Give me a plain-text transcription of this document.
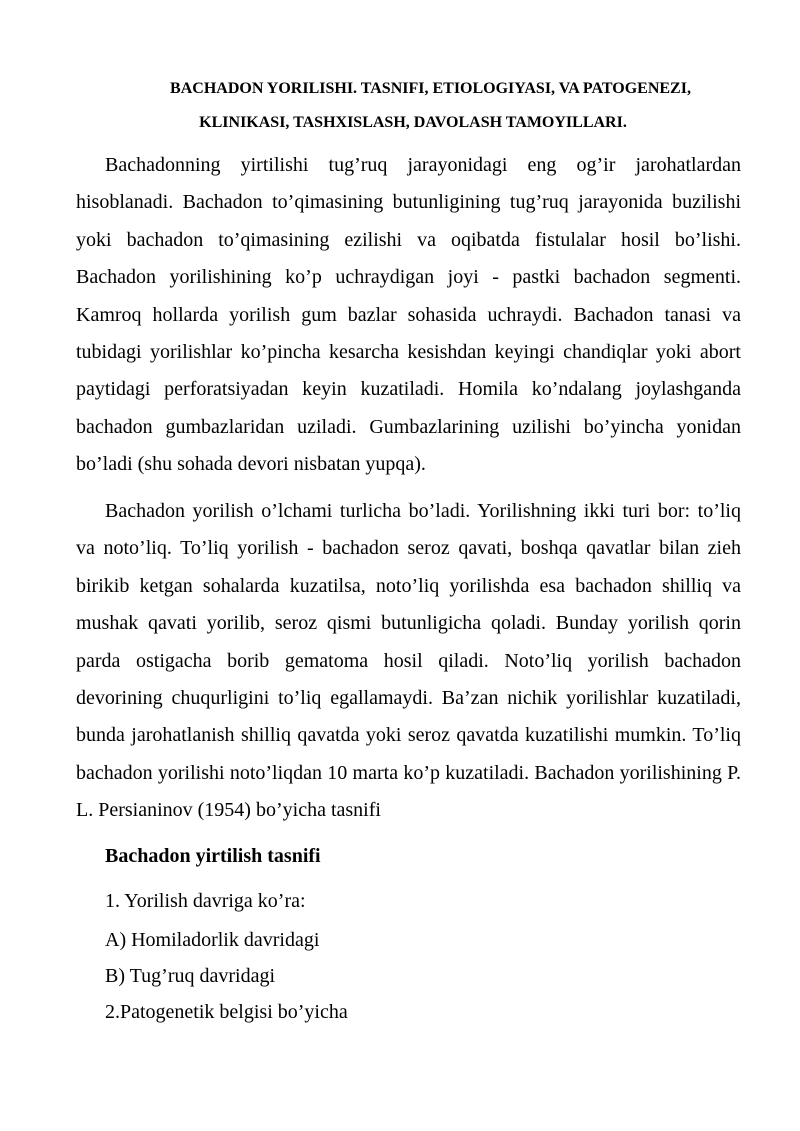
BACHADON YORILISHI. TASNIFI, ETIOLOGIYASI, VA PATOGENEZI,
KLINIKASI, TASHXISLASH, DAVOLASH TAMOYILLARI.

Bachadonning yirtilishi tug’ruq jarayonidagi eng og’ir jarohatlardan hisoblanadi. Bachadon to’qimasining butunligining tug’ruq jarayonida buzilishi yoki bachadon to’qimasining ezilishi va oqibatda fistulalar hosil bo’lishi. Bachadon yorilishining ko’p uchraydigan joyi - pastki bachadon segmenti. Kamroq hollarda yorilish gum bazlar sohasida uchraydi. Bachadon tanasi va tubidagi yorilishlar ko’pincha kesarcha kesishdan keyingi chandiqlar yoki abort paytidagi perforatsiyadan keyin kuzatiladi. Homila ko’ndalang joylashganda bachadon gumbazlaridan uziladi. Gumbazlarining uzilishi bo’yincha yonidan bo’ladi (shu sohada devori nisbatan yupqa).

Bachadon yorilish o’lchami turlicha bo’ladi. Yorilishning ikki turi bor: to’liq va noto’liq. To’liq yorilish - bachadon seroz qavati, boshqa qavatlar bilan zieh birikib ketgan sohalarda kuzatilsa, noto’liq yorilishda esa bachadon shilliq va mushak qavati yorilib, seroz qismi butunligicha qoladi. Bunday yorilish qorin parda ostigacha borib gematoma hosil qiladi. Noto’liq yorilish bachadon devorining chuqurligini to’liq egallamaydi. Ba’zan nichik yorilishlar kuzatiladi, bunda jarohatlanish shilliq qavatda yoki seroz qavatda kuzatilishi mumkin. To’liq bachadon yorilishi noto’liqdan 10 marta ko’p kuzatiladi. Bachadon yorilishining P. L. Persianinov (1954) bo’yicha tasnifi

Bachadon yirtilish tasnifi

1. Yorilish davriga ko’ra:

A) Homiladorlik davridagi

B) Tug’ruq davridagi

2.Patogenetik belgisi bo’yicha
